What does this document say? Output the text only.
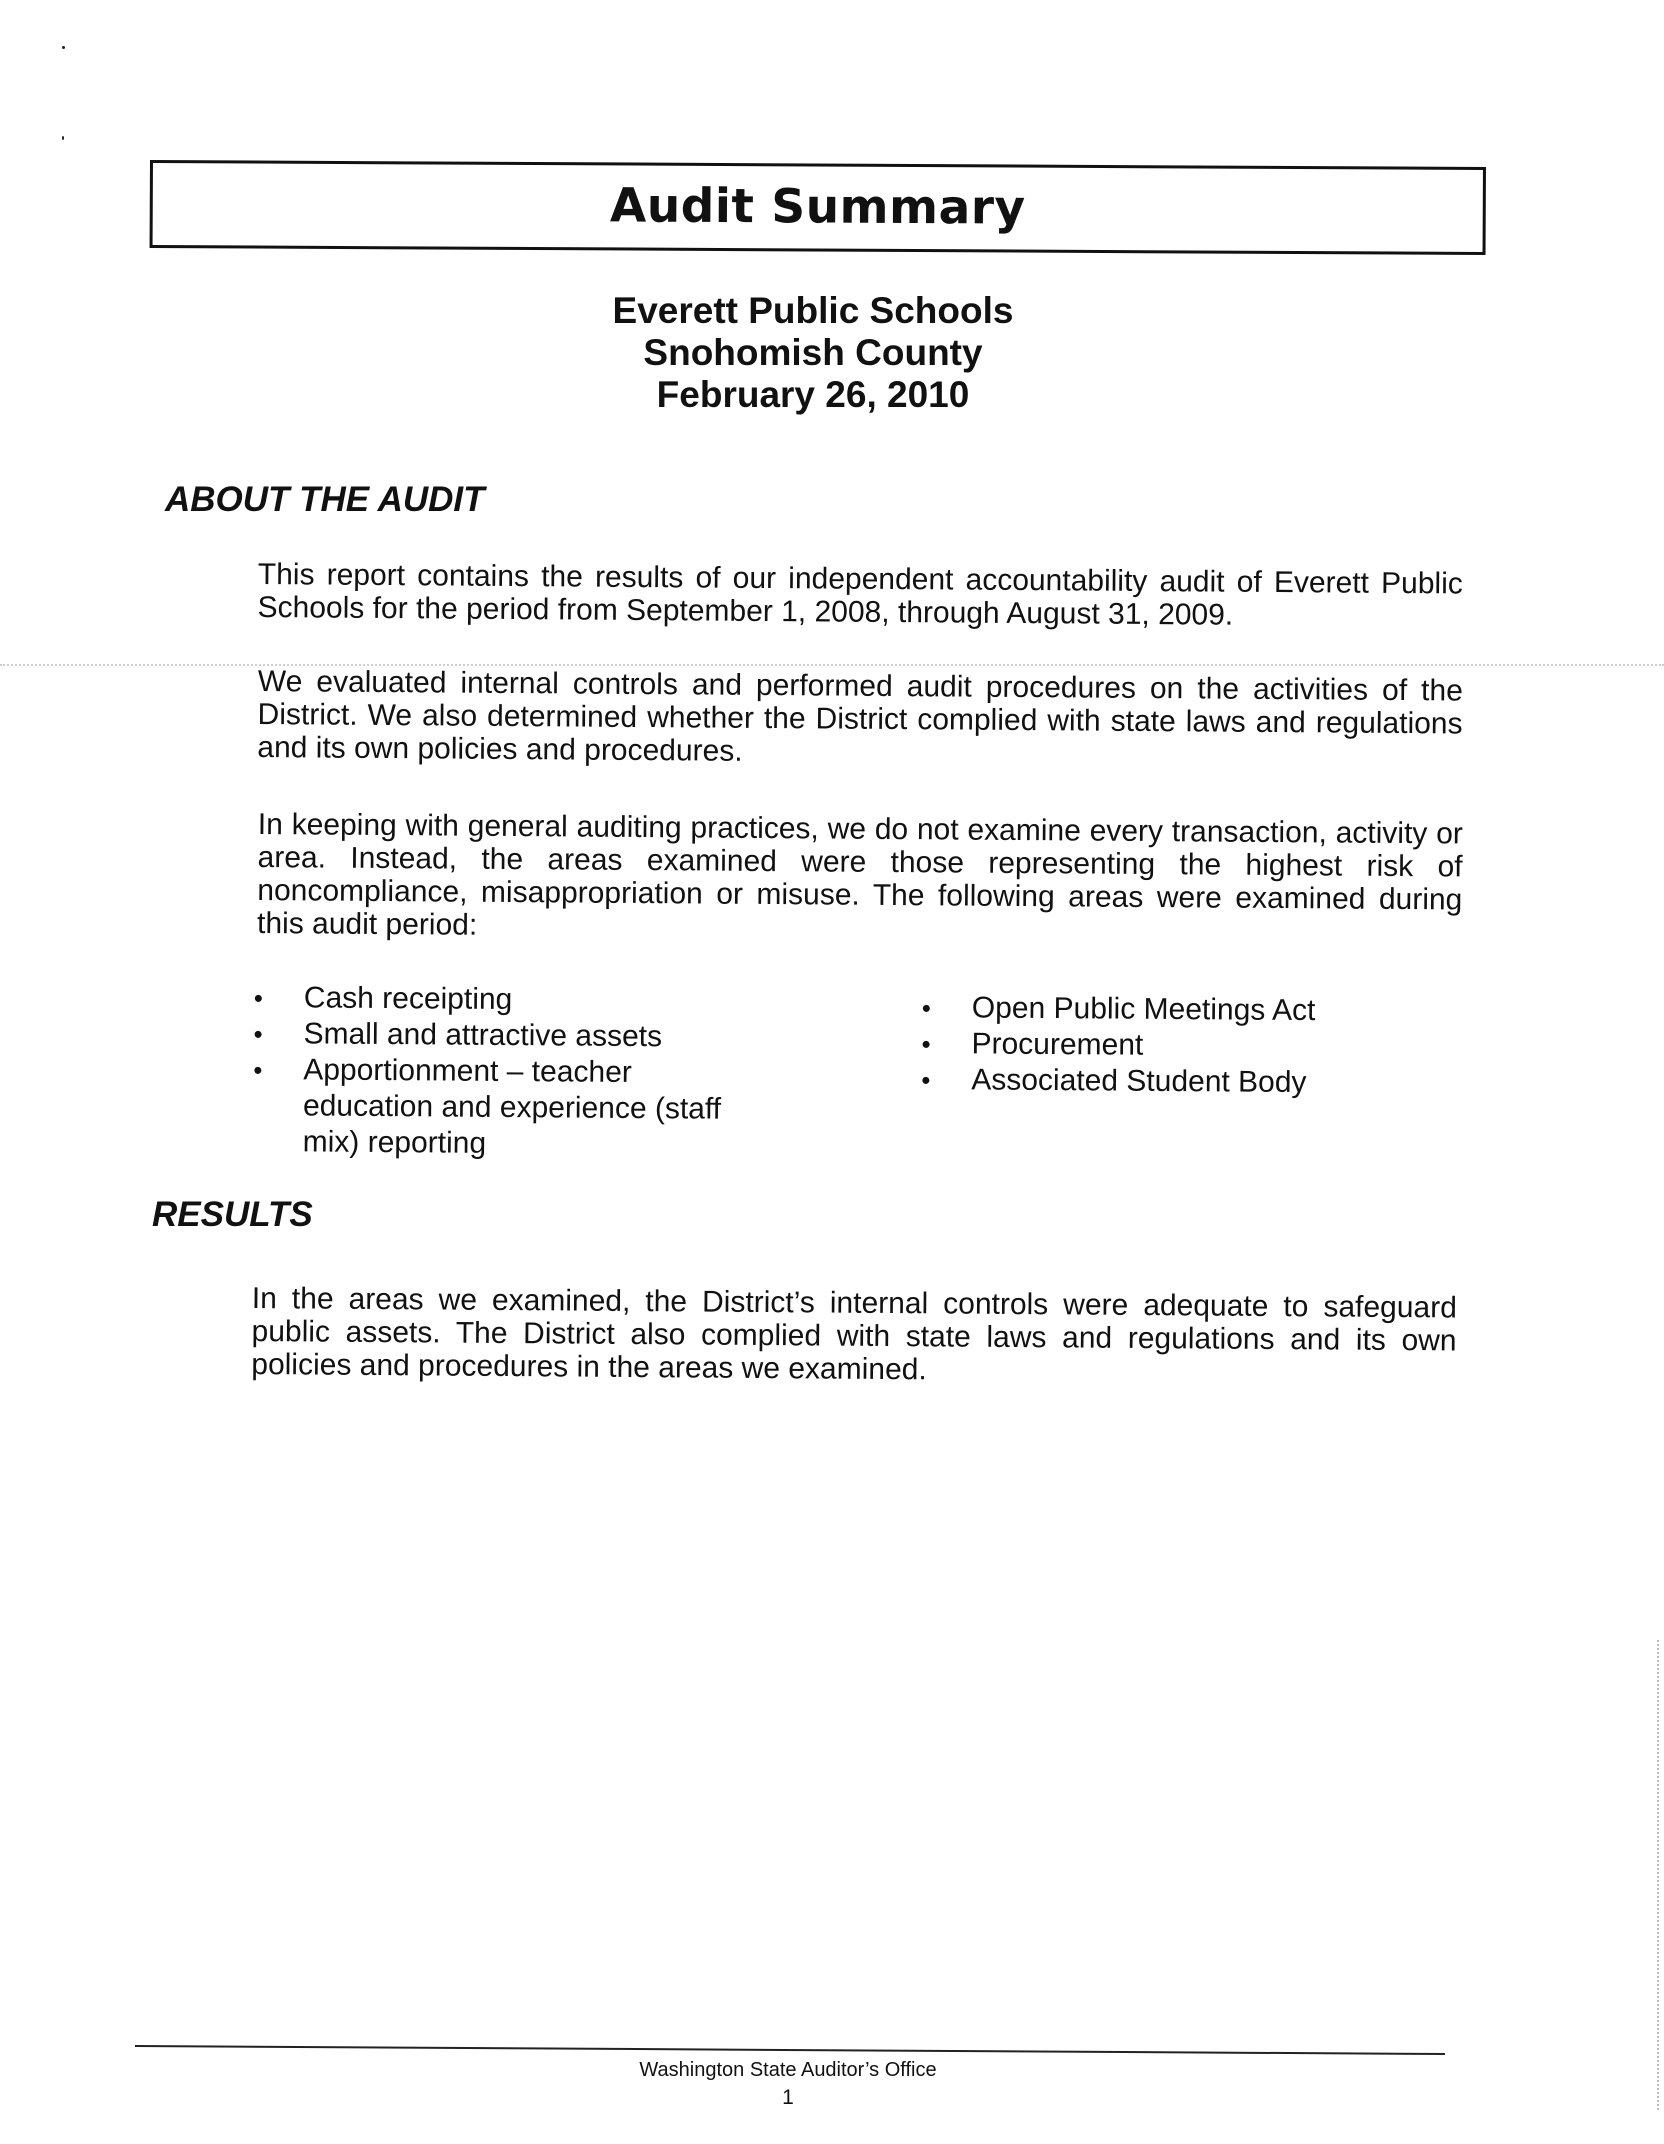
Audit Summary
Everett Public Schools
Snohomish County
February 26, 2010
ABOUT THE AUDIT
This report contains the results of our independent accountability audit of Everett Public Schools for the period from September 1, 2008, through August 31, 2009.
We evaluated internal controls and performed audit procedures on the activities of the District. We also determined whether the District complied with state laws and regulations and its own policies and procedures.
In keeping with general auditing practices, we do not examine every transaction, activity or area. Instead, the areas examined were those representing the highest risk of noncompliance, misappropriation or misuse. The following areas were examined during this audit period:
•	Cash receipting
•	Small and attractive assets
•	Apportionment – teacher education and experience (staff mix) reporting
•	Open Public Meetings Act
•	Procurement
•	Associated Student Body
RESULTS
In the areas we examined, the District’s internal controls were adequate to safeguard public assets. The District also complied with state laws and regulations and its own policies and procedures in the areas we examined.
Washington State Auditor’s Office
1
